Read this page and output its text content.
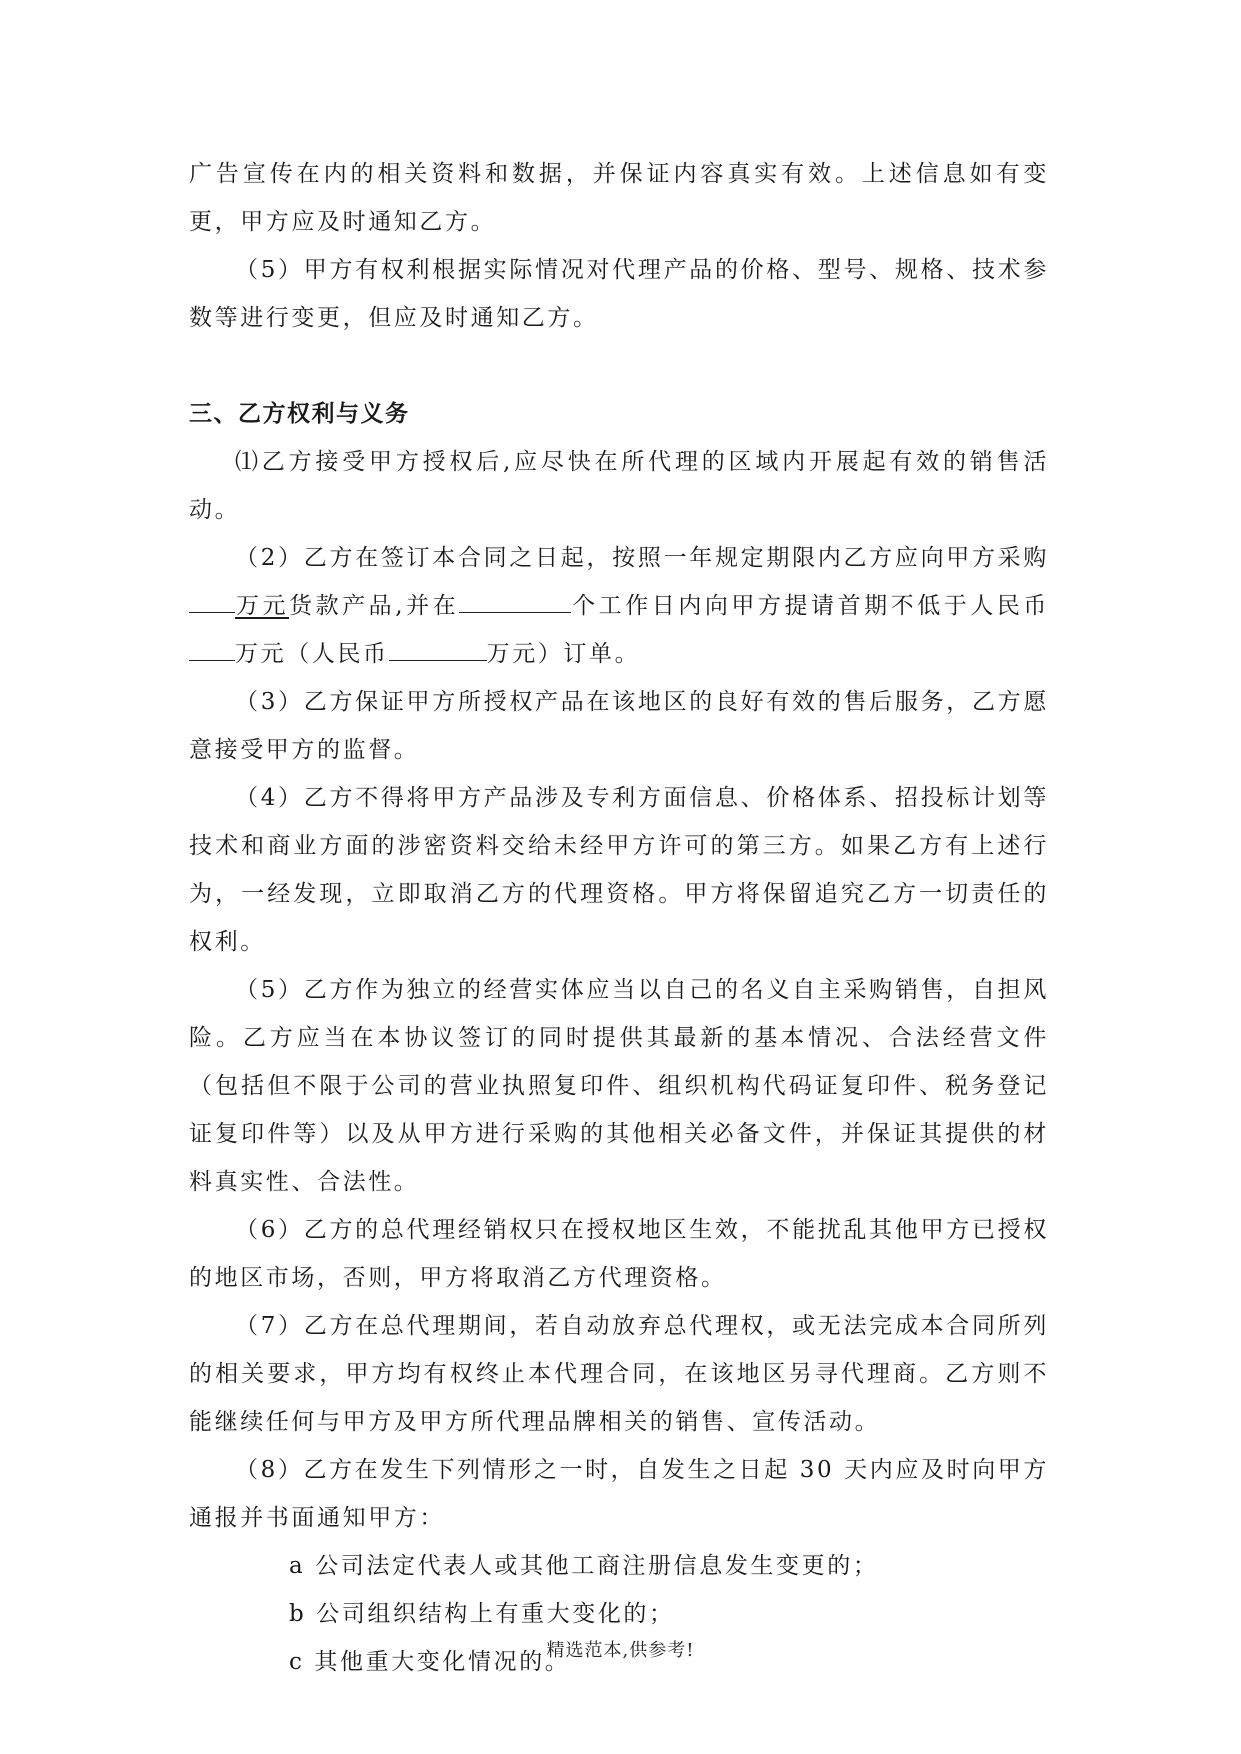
广告宣传在内的相关资料和数据，并保证内容真实有效。上述信息如有变更，甲方应及时通知乙方。

（5）甲方有权利根据实际情况对代理产品的价格、型号、规格、技术参数等进行变更，但应及时通知乙方。

三、乙方权利与义务

⑴乙方接受甲方授权后,应尽快在所代理的区域内开展起有效的销售活动。

（2）乙方在签订本合同之日起，按照一年规定期限内乙方应向甲方采购万元货款产品,并在	个工作日内向甲方提请首期不低于人民币万元（人民币	万元）订单。

（3）乙方保证甲方所授权产品在该地区的良好有效的售后服务，乙方愿意接受甲方的监督。

（4）乙方不得将甲方产品涉及专利方面信息、价格体系、招投标计划等技术和商业方面的涉密资料交给未经甲方许可的第三方。如果乙方有上述行为，一经发现，立即取消乙方的代理资格。甲方将保留追究乙方一切责任的权利。

（5）乙方作为独立的经营实体应当以自己的名义自主采购销售，自担风险。乙方应当在本协议签订的同时提供其最新的基本情况、合法经营文件（包括但不限于公司的营业执照复印件、组织机构代码证复印件、税务登记证复印件等）以及从甲方进行采购的其他相关必备文件，并保证其提供的材料真实性、合法性。

（6）乙方的总代理经销权只在授权地区生效，不能扰乱其他甲方已授权的地区市场，否则，甲方将取消乙方代理资格。

（7）乙方在总代理期间，若自动放弃总代理权，或无法完成本合同所列的相关要求，甲方均有权终止本代理合同，在该地区另寻代理商。乙方则不能继续任何与甲方及甲方所代理品牌相关的销售、宣传活动。

（8）乙方在发生下列情形之一时，自发生之日起 30 天内应及时向甲方通报并书面通知甲方：

a 公司法定代表人或其他工商注册信息发生变更的；

b 公司组织结构上有重大变化的；

c 其他重大变化情况的。

精选范本,供参考!
